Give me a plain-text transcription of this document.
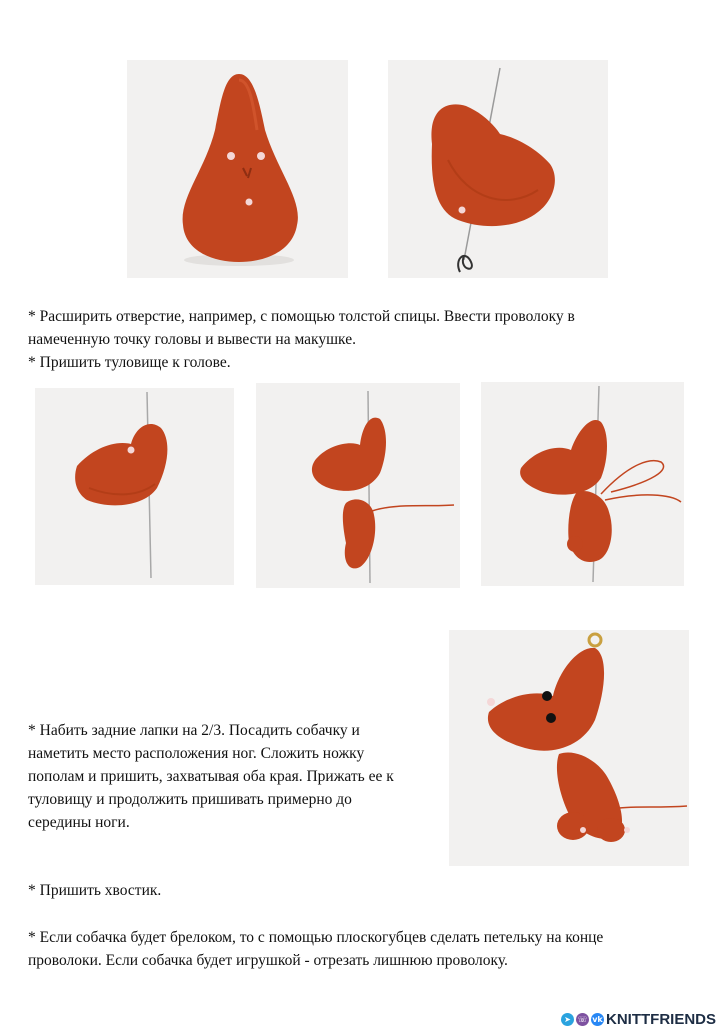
* Расширить отверстие, например, с помощью толстой спицы. Ввести проволоку в
намеченную точку головы и вывести на макушке.
* Пришить туловище к голове.

* Набить задние лапки на 2/3. Посадить собачку и
наметить место расположения ног. Сложить ножку
пополам и пришить, захватывая оба края. Прижать ее к
туловищу и продолжить пришивать примерно до
середины ноги.

* Пришить хвостик.

* Если собачка будет брелоком, то с помощью плоскогубцев сделать петельку на конце
проволоки. Если собачка будет игрушкой - отрезать лишнюю проволоку.

➤ ☏ vk KNITTFRIENDS
